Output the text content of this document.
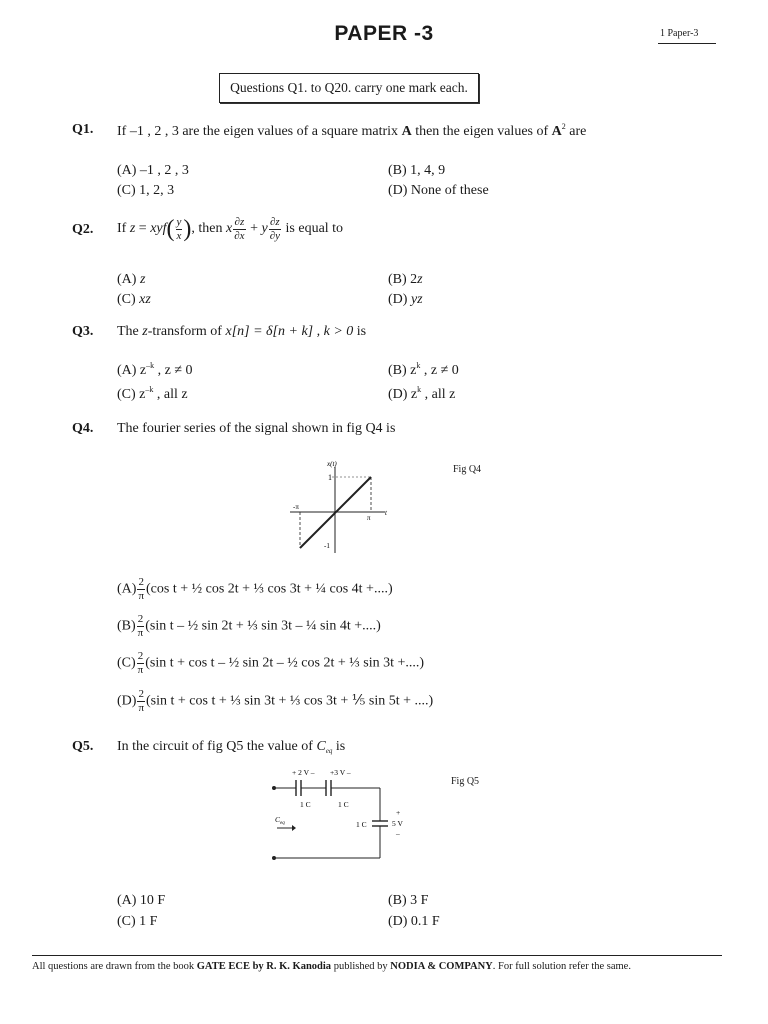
PAPER -3	1 Paper-3
Questions Q1. to Q20. carry one mark each.
Q1. If –1 , 2 , 3 are the eigen values of a square matrix A then the eigen values of $A^2$ are
(A) –1 , 2 , 3	(B) 1, 4, 9
(C) 1, 2, 3	(D) None of these
Q2. If $z = xyf( \frac{y}{x}$ ), then x $\frac{\partial z}{\partial x} + y \frac{\partial z}{\partial y}$ is equal to
(A) z	(B) 2z
(C) xz	(D) yz
Q3. The z-transform of x[n] = δ[n + k] , k > 0 is
(A) $z^{-k}$ , z ≠ 0	(B) $z^k$ , z ≠ 0
(C) $z^{-k}$ , all z	(D) $z^k$ , all z
Q4. The fourier series of the signal shown in fig Q4 is
Fig Q4
x(t)
1
-1
-π
π
t
$(A) \frac{2}{\pi} (\cos$ t + ½ cos 2t + ⅓ cos 3t + ¼ cos 4t +....)
$(B) \frac{2}{\pi} (\sin$ t – ½ sin 2t + ⅓ sin 3t – ¼ sin 4t +....)
$(C) \frac{2}{\pi} (\sin$ t + cos t – ½ sin 2t – ½ cos 2t + ⅓ sin 3t +....)
$(D) \frac{2}{\pi} (\sin$ t + cos t + ⅓ sin 3t + ⅓ cos 3t + ⅕ sin 5t + ....)
Q5. In the circuit of fig Q5 the value of $C_{eq}$ is
Fig Q5
+ 2 V – +3 V –
1 C	1 C
1 C
+
5 V
–
$C_{eq}$
(A) 10 F	(B) 3 F
(C) 1 F	(D) 0.1 F
All questions are drawn from the book GATE ECE by R. K. Kanodia published by NODIA & COMPANY. For full solution refer the same.
